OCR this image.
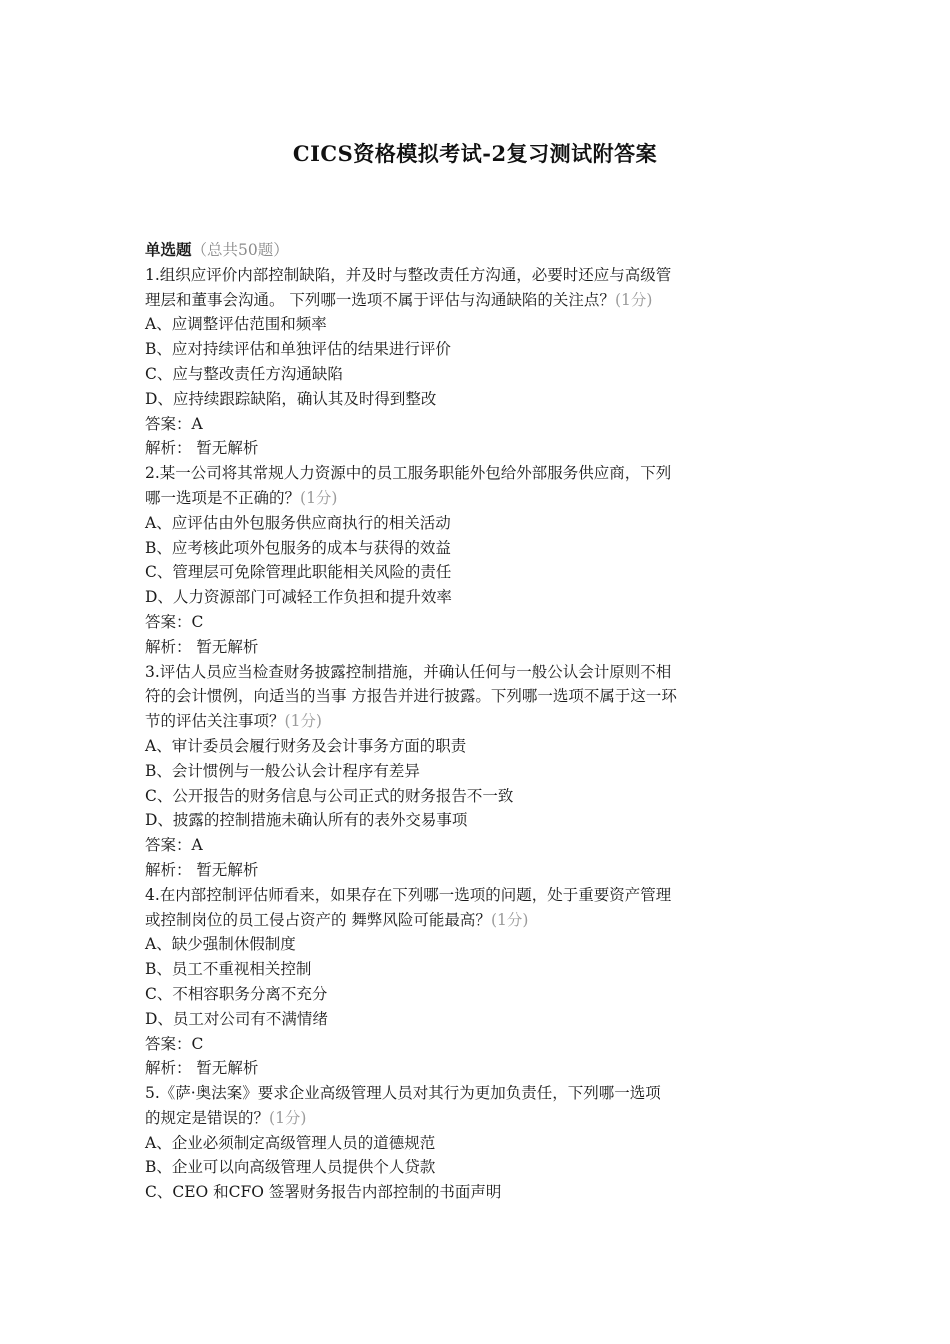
CICS资格模拟考试-2复习测试附答案
单选题（总共50题）
1.组织应评价内部控制缺陷，并及时与整改责任方沟通，必要时还应与高级管
理层和董事会沟通。 下列哪一选项不属于评估与沟通缺陷的关注点？(1分)
A、应调整评估范围和频率
B、应对持续评估和单独评估的结果进行评价
C、应与整改责任方沟通缺陷
D、应持续跟踪缺陷，确认其及时得到整改
答案：A
解析： 暂无解析
2.某一公司将其常规人力资源中的员工服务职能外包给外部服务供应商，下列
哪一选项是不正确的？(1分)
A、应评估由外包服务供应商执行的相关活动
B、应考核此项外包服务的成本与获得的效益
C、管理层可免除管理此职能相关风险的责任
D、人力资源部门可减轻工作负担和提升效率
答案：C
解析： 暂无解析
3.评估人员应当检查财务披露控制措施，并确认任何与一般公认会计原则不相
符的会计惯例，向适当的当事 方报告并进行披露。下列哪一选项不属于这一环
节的评估关注事项？(1分)
A、审计委员会履行财务及会计事务方面的职责
B、会计惯例与一般公认会计程序有差异
C、公开报告的财务信息与公司正式的财务报告不一致
D、披露的控制措施未确认所有的表外交易事项
答案：A
解析： 暂无解析
4.在内部控制评估师看来，如果存在下列哪一选项的问题，处于重要资产管理
或控制岗位的员工侵占资产的 舞弊风险可能最高？(1分)
A、缺少强制休假制度
B、员工不重视相关控制
C、不相容职务分离不充分
D、员工对公司有不满情绪
答案：C
解析： 暂无解析
5.《萨·奥法案》要求企业高级管理人员对其行为更加负责任，下列哪一选项
的规定是错误的？(1分)
A、企业必须制定高级管理人员的道德规范
B、企业可以向高级管理人员提供个人贷款
C、CEO 和CFO 签署财务报告内部控制的书面声明
